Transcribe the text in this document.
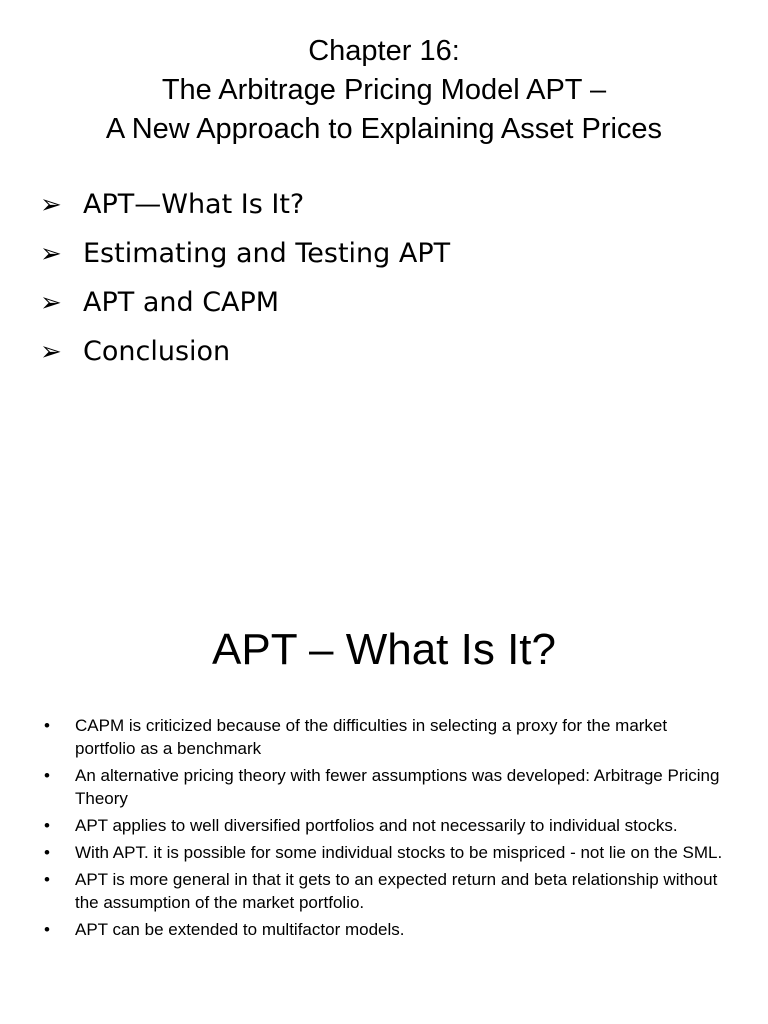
Chapter 16:
The Arbitrage Pricing Model APT –
A New Approach to Explaining Asset Prices
➢ APT—What Is It?
➢ Estimating and Testing APT
➢ APT and CAPM
➢ Conclusion
APT – What Is It?
•	CAPM is criticized because of the difficulties in selecting a proxy for the market portfolio as a benchmark
•	An alternative pricing theory with fewer assumptions was developed: Arbitrage Pricing Theory
•	APT applies to well diversified portfolios and not necessarily to individual stocks.
•	With APT. it is possible for some individual stocks to be mispriced - not lie on the SML.
•	APT is more general in that it gets to an expected return and beta relationship without the assumption of the market portfolio.
•	APT can be extended to multifactor models.
